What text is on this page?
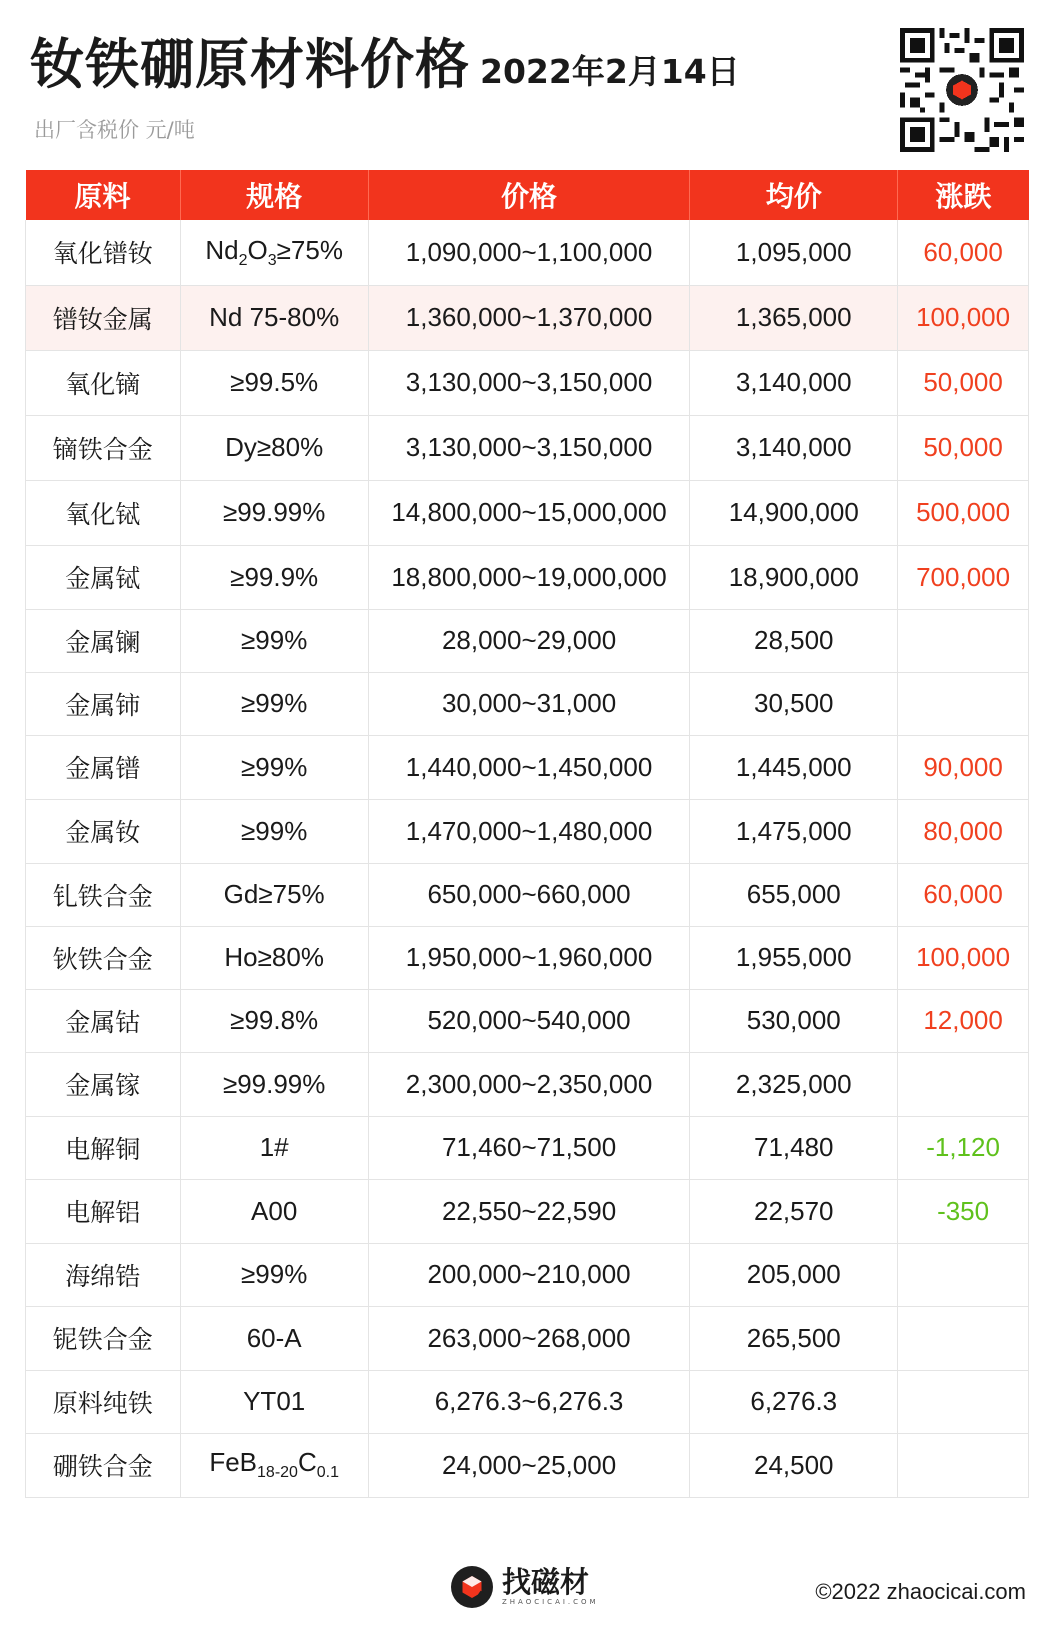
钕铁硼原材料价格 2022年2月14日
出厂含税价 元/吨
原料	规格	价格	均价	涨跌
氧化镨钕	$Nd_2O_3\ge 75\%$	1,090,000~1,100,000	1,095,000	60,000
镨钕金属	Nd 75-80%	1,360,000~1,370,000	1,365,000	100,000
氧化镝	≥99.5%	3,130,000~3,150,000	3,140,000	50,000
镝铁合金	Dy≥80%	3,130,000~3,150,000	3,140,000	50,000
氧化铽	≥99.99%	14,800,000~15,000,000	14,900,000	500,000
金属铽	≥99.9%	18,800,000~19,000,000	18,900,000	700,000
金属镧	≥99%	28,000~29,000	28,500	
金属铈	≥99%	30,000~31,000	30,500	
金属镨	≥99%	1,440,000~1,450,000	1,445,000	90,000
金属钕	≥99%	1,470,000~1,480,000	1,475,000	80,000
钆铁合金	Gd≥75%	650,000~660,000	655,000	60,000
钬铁合金	Ho≥80%	1,950,000~1,960,000	1,955,000	100,000
金属钴	≥99.8%	520,000~540,000	530,000	12,000
金属镓	≥99.99%	2,300,000~2,350,000	2,325,000	
电解铜	1#	71,460~71,500	71,480	-1,120
电解铝	A00	22,550~22,590	22,570	-350
海绵锆	≥99%	200,000~210,000	205,000	
铌铁合金	60-A	263,000~268,000	265,500	
原料纯铁	YT01	6,276.3~6,276.3	6,276.3	
硼铁合金	$FeB_{18-20}C_{0.1}$	24,000~25,000	24,500	
找磁材
ZHAOCICAI.COM	©2022 zhaocicai.com
